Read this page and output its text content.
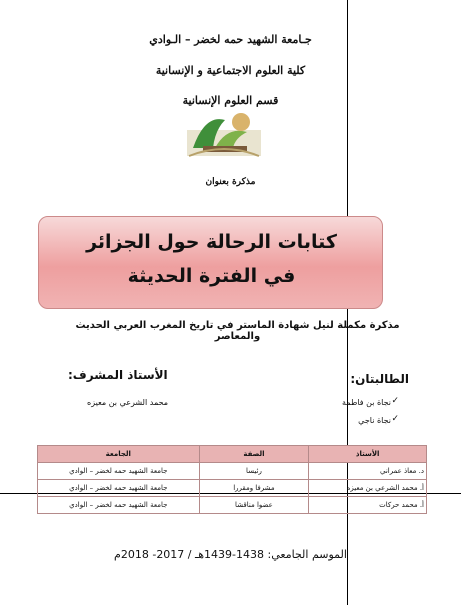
جـامعة الشهيد حمه لخضر – الـوادي
كلية العلوم الاجتماعية و الإنسانية
قسم العلوم الإنسانية
مذكرة بعنوان
كتابات الرحالة حول الجزائر
في الفترة الحديثة
مذكرة مكملة لنيل شهادة الماستر في تاريخ المغرب العربي الحديث والمعاصر
الطالبتان:
الأستاذ المشرف:
✓
نجاة بن فاطمة
✓
نجاة ناجي
محمد الشرعي بن معيزه
الأستاذ	الصفة	الجامعة
د. معاذ عمراني	رئيسا	جامعة الشهيد حمه لخضر – الوادي
أ. محمد الشرعي بن معيزه	مشرفا ومقررا	جامعة الشهيد حمه لخضر – الوادي
أ. محمد حركات	عضوا مناقشا	جامعة الشهيد حمه لخضر – الوادي
الموسم الجامعي: 1438-1439هـ / 2017- 2018م
